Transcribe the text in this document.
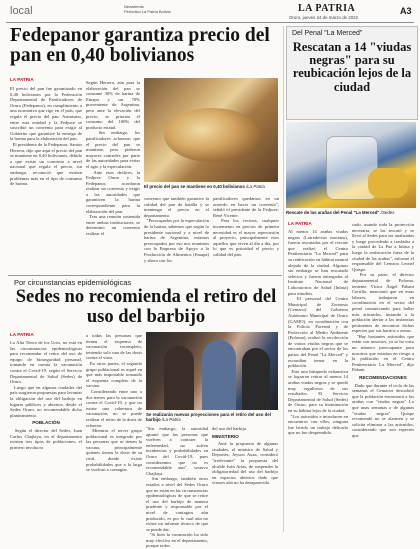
local	Newsfeeds
Periódico La Patria Bolivia	LA PATRIA
Oruro, jueves 24 de marzo de 2022
A3
Fedepanor garantiza precio del pan en 0,40 bolivianos
LA PATRIA
El precio del pan fue garantizado en 0,40 bolivianos por la Federación Departamental de Panificadores de Oruro (Fedepanor), en cumplimiento a una normativa que rige en el país, que regula el precio del pan. Asimismo, entre esta entidad y la Fedjuve se suscribió un convenio para exigir al Gobierno que garantice la entrega de la harina para la elaboración del pan.
El presidente de la Fedepanor, Santos Herrera, dijo que aquí el precio del pan se mantiene en 0,40 bolivianos, debido a que existe un convenio a nivel nacional que regula el precio, sin embargo, reconoció que existen problemas más en el tipo de consumo de harina.
Según Herrera, aún para la elaboración del pan se consume 30% de harina de Emapa y un 70% proveniente de Argentina, pero ante la elevación del precio, se prioriza el consumo del 100% del producto estatal.
Sin embargo, los panificadores aclararon que el precio del pan se mantiene, pero pidieron mayores controles por parte de las autoridades para evitar el agio y la especulación.
Ante esos deslices, la Fedjuve Oruro y la Fedepanor, acordaron realizar un convenio y exigir a las autoridades que garanticen la harina correspondiente para la elaboración del pan.
Tras una reunión sostenida entre ambas instituciones, se determinó un convenio realizar el
El precio del pan se mantiene en 0,40 bolivianos /La Patria
convenio que también garantice la calidad del pan de batalla y se mantenga el precio en el departamento.
"Preocupados por la especulación de la harina, sabemos que según lo presidente nacional y a nivel de harina de Argentina, estamos preocupados por eso nos reunimos con la Empresa de Apoyo a la Producción de Alimentos (Emapa) y ahora con los
panificadores quedamos en un acuerdo en hacer un convenio", señaló el presidente de la Fedjuve, René Vicente.
Para los vecinos, cualquier incremento en precios de primera necesidad es el mayor repercusión al proyecto, principalmente esos aquellos que viven al día a día, por lo que es prioridad el precio y calidad del pan.
Por circunstancias epidemiológicas
Sedes no recomienda el retiro del uso del barbijo
LA PATRIA
La Alta Tierra de los Uros, no está en las circunstancias epidemiológicas para recomendar el retiro del uso de equipo de bioseguridad personal, tomando en cuenta la vacunación contra el Covid-19, según el Servicio Departamental de Salud (Sedes) de Oruro.
Luego que en algunas ciudades del país surgieron propuestas para levantar la obligación del uso del barbijo en lugares públicos y abiertos, desde el Sedes Oruro, no recomendable dicho planteamiento.

POBLACIÓN
Según el director del Sedes, Juan Carlos Chajlaya, en el departamento existen tres tipos de poblaciones, el primero involucra
a todas las personas que tienen el esquema de vacunación incompleto, teniendo solo una de las dosis contra el virus.
En otros partes, el segundo grupo poblacional es aquel en que más importable tomando el esquema completo de la vacuna.
Considerando entre uno o dos meses para la vacunación contra el Covid-19, y que no existe una cobertura de vacunación, no se puede realizar el retiro de la dosis de refuerzo.
Mientras el tercer grupo poblacional es integrado por las personas que se tienen la vacuna, principalmente quienes tienen la dosis de su rival, donde existe probabilidades que a la larga se vuelvan a contagiar.
Se realizarán nuevas proyecciones para el retiro del uso del barbijo /La Patria
"Sin embargo, la autoridad apuntó que las personas que vuelven a contraer la enfermedad, no sufren incidencias y probabilidades en Oruro del Covid-19, pues consideramos que no es recomendable aun", sostuvo Chajlaya.
Sin embargo, también otros estados a nivel del Sedes Oruro que no están en las circunstancias epidemiológicas de que se retire el uso del barbijo de manera prudente y responsable por el nivel de contagios aún producido, es por lo cual aún no existe un informe técnico de que se puede dar.
"Si bien la vacunación ha sido muy efectiva en el departamento, porque todos
del uso del barbijo.

MINISTERIO
Ante la propuesta de algunas ciudades, el ministro de Salud y Deportes, Jeyson Auza, consideró "irrelevante" la propuesta del alcalde Iván Arias, de suspender la obligatoriedad del uso del barbijo en espacios abiertos dado que viruses aún no ha desaparecido.
Del Penal "La Merced"
Rescatan a 14 "viudas negras" para su reubicación lejos de la ciudad
Rescate de las arañas del Penal "La Merced" /Sedes
LA PATRIA
Al menos 14 arañas viudas negras (Latrodectus mactans), fueron rescatadas por el rescate que realizó el Centro Penitenciario "La Merced" para su reubicación en hábitat natural alejado de la ciudad. Algunos sin embargo se han rescatado selectos y fueron entregadas al Instituto Nacional de Laboratorios de Salud (Inlasa) para estudios.
El personal del Centro Municipal de Zoonosis (Cemzoo) del Gobierno Autónomo Municipal de Oruro (GAMO), en coordinación con la Policía Forestal y de Protección al Medio Ambiente (Pofoma), realizó la recolección de varios viudas negras que se encontraban por el sector de los patios del Penal "La Merced" y escondían temor en la población.
Esta una búsqueda exhaustiva se lograron retirar al menos 14 arañas viudas negras y se quedó muy orgullosos de sus resultados. El Servicio Departamental de Salud (Sedes) de Oruro, para su biominación en su hábitat lejos de la ciudad.
"Los arácnidos e introducen en encuentros con ellos, ninguna fue herido un trabajo delicado que no fue desprendido.
cado, usando toda la protección necesaria, se las rescató y se llevó al Sedes para ser analizadas y luego procederán a trasladar a la ciudad de La Paz a Inlasa y luego la reubicación fuera de la ciudad de las arañas", informó el responsable del Cemzoo Leonel Quispe.
Por su parte, el director departamental de Pofoma, teniente Víctor Ángel Pabani Cerrillo, mencionó que en estas labores, trabajaron en coordinación en el sector del penal comunicando para hallar más arácnidos, instando a la población alertar a las instancias pertinentes de encontrar dichas especies por sus barrios o zonas.
"Hay bastantes arácnidos que están con nosotros, ya se ha visto un número preocupante para nosotros que estarían en riesgo a la población en el Centro Penitenciario La Merced", dijo Pabani.

RECOMENDACIONES
Dado que durante el ciclo de las semanas el Cemzoor descubrió que la población encontrará a las arañas con "viudas negras" Lo que unas semanas o de algunas "viudas negras" Quispe recomendó no se alarmen y se solicita eliminar a las arácnidos, considerando que son especies que
